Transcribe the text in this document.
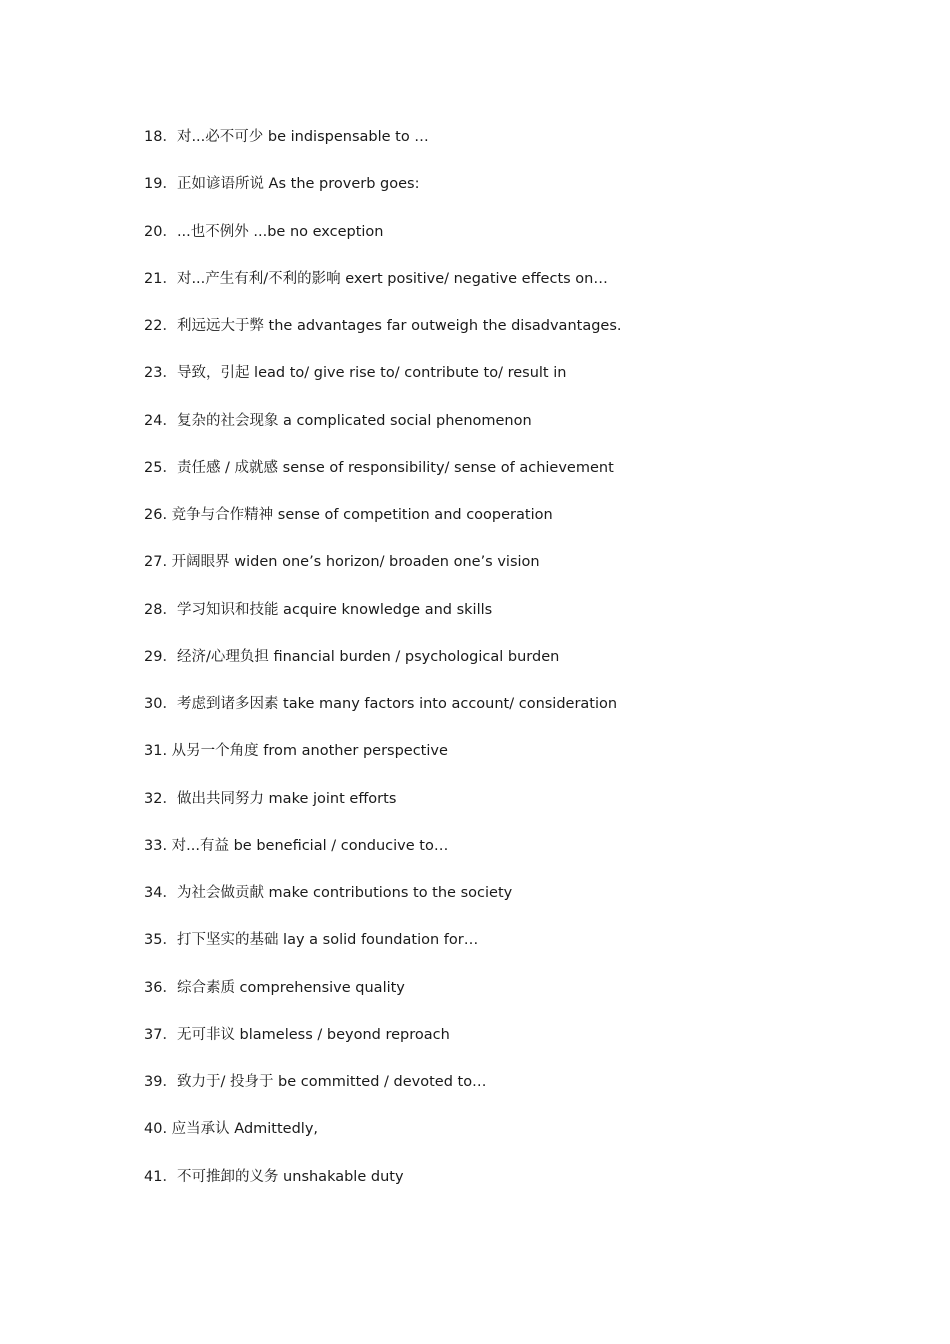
18．对...必不可少 be indispensable to …
19．正如谚语所说 As the proverb goes:
20．...也不例外 ...be no exception
21．对...产生有利/不利的影响 exert positive/ negative effects on…
22．利远远大于弊 the advantages far outweigh the disadvantages.
23．导致，引起 lead to/ give rise to/ contribute to/ result in
24．复杂的社会现象 a complicated social phenomenon
25．责任感 / 成就感 sense of responsibility/ sense of achievement
26. 竞争与合作精神 sense of competition and cooperation
27. 开阔眼界 widen one’s horizon/ broaden one’s vision
28．学习知识和技能 acquire knowledge and skills
29．经济/心理负担 financial burden / psychological burden
30．考虑到诸多因素 take many factors into account/ consideration
31. 从另一个角度 from another perspective
32．做出共同努力 make joint efforts
33. 对...有益 be beneficial / conducive to…
34．为社会做贡献 make contributions to the society
35．打下坚实的基础 lay a solid foundation for…
36．综合素质 comprehensive quality
37．无可非议 blameless / beyond reproach
39．致力于/ 投身于 be committed / devoted to…
40. 应当承认 Admittedly,
41．不可推卸的义务 unshakable duty
